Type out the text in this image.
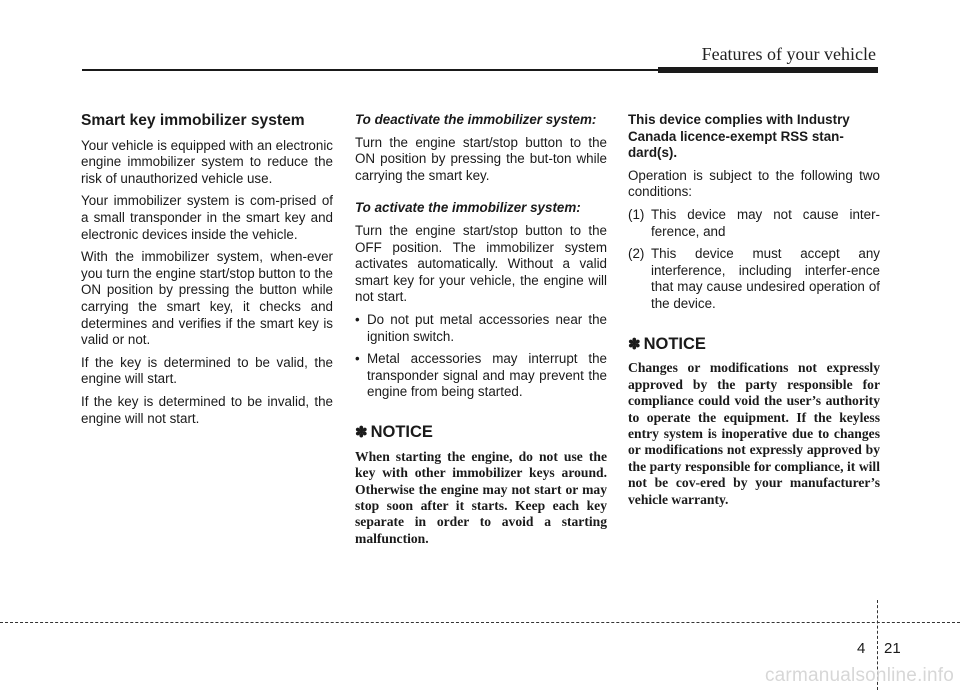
Features of your vehicle
Smart key immobilizer system

Your vehicle is equipped with an electronic engine immobilizer system to reduce the risk of unauthorized vehicle use.

Your immobilizer system is com-prised of a small transponder in the smart key and electronic devices inside the vehicle.

With the immobilizer system, when-ever you turn the engine start/stop button to the ON position by pressing the button while carrying the smart key, it checks and determines and verifies if the smart key is valid or not.

If the key is determined to be valid, the engine will start.

If the key is determined to be invalid, the engine will not start.

To deactivate the immobilizer system:

Turn the engine start/stop button to the ON position by pressing the but-ton while carrying the smart key.

To activate the immobilizer system:

Turn the engine start/stop button to the OFF position. The immobilizer system activates automatically. Without a valid smart key for your vehicle, the engine will not start.

• Do not put metal accessories near the ignition switch.
• Metal accessories may interrupt the transponder signal and may prevent the engine from being started.
✽ NOTICE

When starting the engine, do not use the key with other immobilizer keys around. Otherwise the engine may not start or may stop soon after it starts. Keep each key separate in order to avoid a starting malfunction.

This device complies with Industry Canada licence-exempt RSS stan-dard(s).

Operation is subject to the following two conditions:

(1) This device may not cause inter-ference, and
(2) This device must accept any interference, including interfer-ence that may cause undesired operation of the device.
✽ NOTICE

Changes or modifications not expressly approved by the party responsible for compliance could void the user’s authority to operate the equipment. If the keyless entry system is inoperative due to changes or modifications not expressly approved by the party responsible for compliance, it will not be cov-ered by your manufacturer’s vehicle warranty.

4 21
carmanualsonline.info
